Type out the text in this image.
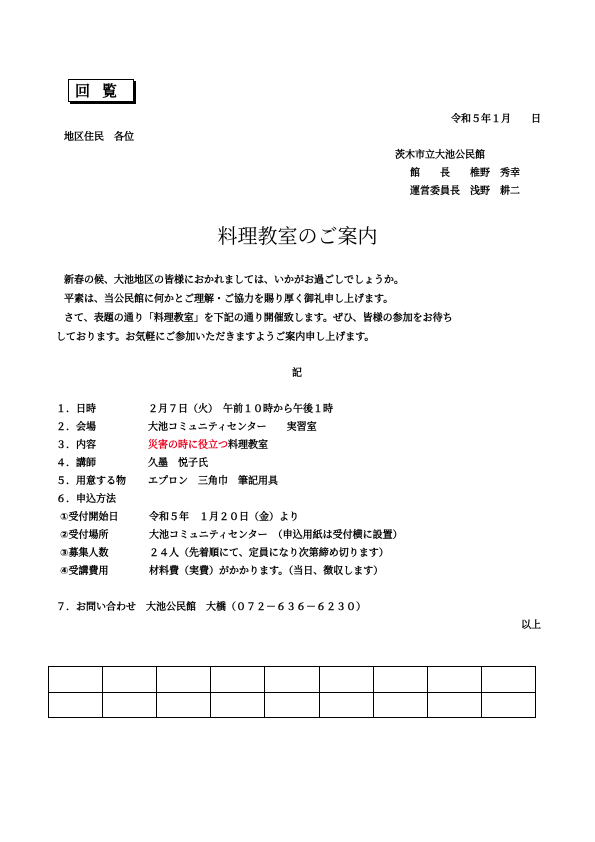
回覧
令和５年１月　　日
地区住民　各位
茨木市立大池公民館
館　　長　　椎野　秀幸
運営委員長　浅野　耕二
料理教室のご案内
新春の候、大池地区の皆様におかれましては、いかがお過ごしでしょうか。
平素は、当公民館に何かとご理解・ご協力を賜り厚く御礼申し上げます。
さて、表題の通り「料理教室」を下記の通り開催致します。ぜひ、皆様の参加をお待ち
しております。お気軽にご参加いただきますようご案内申し上げます。
記
１．日時	２月７日（火）　午前１０時から午後１時
２．会場	大池コミュニティセンター　　実習室
３．内容	災害の時に役立つ料理教室
４．講師	久墨　悦子氏
５．用意する物 エプロン　三角巾　筆記用具
６．申込方法
①受付開始日	令和５年　１月２０日（金）より
②受付場所	大池コミュニティセンター　（申込用紙は受付横に設置）
③募集人数	２４人（先着順にて、定員になり次第締め切ります）
④受講費用	材料費（実費）がかかります。（当日、徴収します）
７．お問い合わせ　大池公民館　大橋（０７２－６３６－６２３０）
以上
